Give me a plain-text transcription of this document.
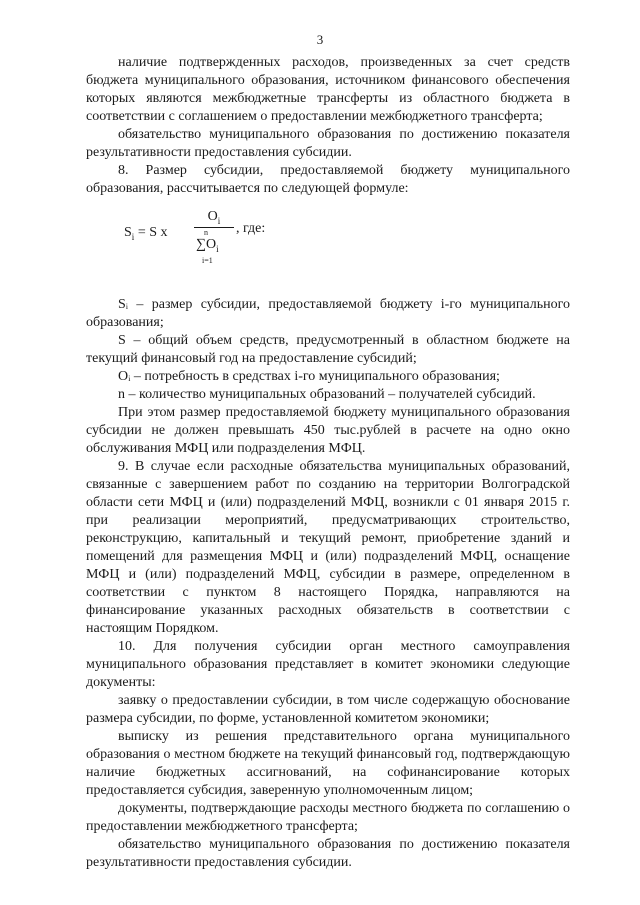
3

наличие подтвержденных расходов, произведенных за счет средств бюджета муниципального образования, источником финансового обеспечения которых являются межбюджетные трансферты из областного бюджета в соответствии с соглашением о предоставлении межбюджетного трансферта;

обязательство муниципального образования по достижению показателя результативности предоставления субсидии.

8. Размер субсидии, предоставляемой бюджету муниципального образования, рассчитывается по следующей формуле:

$S_i = S$ x
$O_i$
, где:
n
$\sum O_i$
i=1

Sᵢ – размер субсидии, предоставляемой бюджету i-го муниципального образования;

S – общий объем средств, предусмотренный в областном бюджете на текущий финансовый год на предоставление субсидий;

Oᵢ – потребность в средствах i-го муниципального образования;

n – количество муниципальных образований – получателей субсидий.

При этом размер предоставляемой бюджету муниципального образования субсидии не должен превышать 450 тыс.рублей в расчете на одно окно обслуживания МФЦ или подразделения МФЦ.

9. В случае если расходные обязательства муниципальных образований, связанные с завершением работ по созданию на территории Волгоградской области сети МФЦ и (или) подразделений МФЦ, возникли с 01 января 2015 г. при реализации мероприятий, предусматривающих строительство, реконструкцию, капитальный и текущий ремонт, приобретение зданий и помещений для размещения МФЦ и (или) подразделений МФЦ, оснащение МФЦ и (или) подразделений МФЦ, субсидии в размере, определенном в соответствии с пунктом 8 настоящего Порядка, направляются на финансирование указанных расходных обязательств в соответствии с настоящим Порядком.

10. Для получения субсидии орган местного самоуправления муниципального образования представляет в комитет экономики следующие документы:

заявку о предоставлении субсидии, в том числе содержащую обоснование размера субсидии, по форме, установленной комитетом экономики;

выписку из решения представительного органа муниципального образования о местном бюджете на текущий финансовый год, подтверждающую наличие бюджетных ассигнований, на софинансирование которых предоставляется субсидия, заверенную уполномоченным лицом;

документы, подтверждающие расходы местного бюджета по соглашению о предоставлении межбюджетного трансферта;

обязательство муниципального образования по достижению показателя результативности предоставления субсидии.
